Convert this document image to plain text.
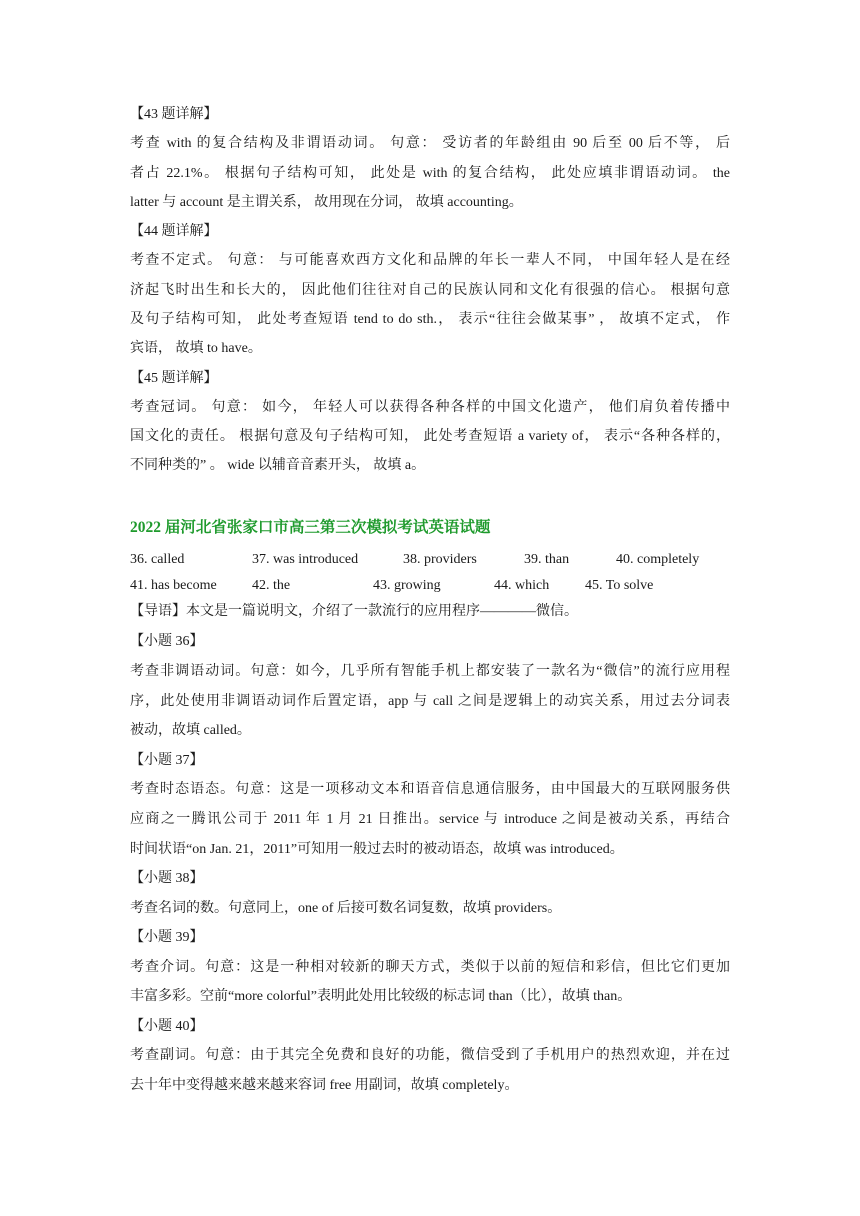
【43 题详解】
考查 with 的复合结构及非谓语动词。 句意： 受访者的年龄组由 90 后至 00 后不等， 后
者占 22.1%。 根据句子结构可知， 此处是 with 的复合结构， 此处应填非谓语动词。 the
latter 与 account 是主谓关系， 故用现在分词， 故填 accounting。
【44 题详解】
考查不定式。 句意： 与可能喜欢西方文化和品牌的年长一辈人不同， 中国年轻人是在经
济起飞时出生和长大的， 因此他们往往对自己的民族认同和文化有很强的信心。 根据句意
及句子结构可知， 此处考查短语 tend to do sth.， 表示“往往会做某事” ， 故填不定式， 作
宾语， 故填 to have。
【45 题详解】
考查冠词。 句意： 如今， 年轻人可以获得各种各样的中国文化遗产， 他们肩负着传播中
国文化的责任。 根据句意及句子结构可知， 此处考查短语 a variety of， 表示“各种各样的，
不同种类的” 。 wide 以辅音音素开头， 故填 a。
2022 届河北省张家口市高三第三次模拟考试英语试题
36. called	37. was introduced	38. providers	39. than	40. completely
41. has become	42. the	43. growing	44. which	45. To solve
【导语】本文是一篇说明文，介绍了一款流行的应用程序————微信。
【小题 36】
考查非调语动词。句意：如今，几乎所有智能手机上都安装了一款名为“微信”的流行应用程
序，此处使用非调语动词作后置定语，app 与 call 之间是逻辑上的动宾关系，用过去分词表
被动，故填 called。
【小题 37】
考查时态语态。句意：这是一项移动文本和语音信息通信服务，由中国最大的互联网服务供
应商之一腾讯公司于 2011 年 1 月 21 日推出。service 与 introduce 之间是被动关系，再结合
时间状语“on Jan. 21，2011”可知用一般过去时的被动语态，故填 was introduced。
【小题 38】
考查名词的数。句意同上，one of 后接可数名词复数，故填 providers。
【小题 39】
考查介词。句意：这是一种相对较新的聊天方式，类似于以前的短信和彩信，但比它们更加
丰富多彩。空前“more colorful”表明此处用比较级的标志词 than（比），故填 than。
【小题 40】
考查副词。句意：由于其完全免费和良好的功能，微信受到了手机用户的热烈欢迎，并在过
去十年中变得越来越来越来容词 free 用副词，故填 completely。
